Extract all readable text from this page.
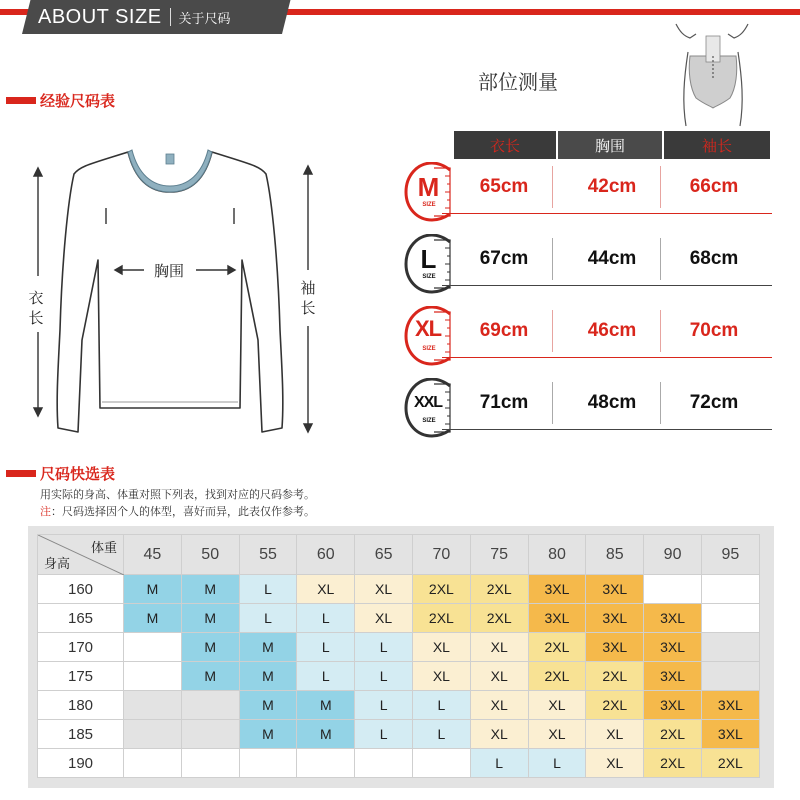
ABOUT SIZE 关于尺码
经验尺码表
胸围
衣长
袖长
部位测量
衣长	胸围	袖长
M
SIZE
65cm	42cm	66cm
L
SIZE
67cm	44cm	68cm
XL
SIZE
69cm	46cm	70cm
XXL
SIZE
71cm	48cm	72cm
尺码快选表
用实际的身高、体重对照下列表，找到对应的尺码参考。
注：尺码选择因个人的体型，喜好而异，此表仅作参考。
体重
身高	45	50	55	60	65	70	75	80	85	90	95
160	M	M	L	XL	XL	2XL	2XL	3XL	3XL		
165	M	M	L	L	XL	2XL	2XL	3XL	3XL	3XL	
170		M	M	L	L	XL	XL	2XL	3XL	3XL	
175		M	M	L	L	XL	XL	2XL	2XL	3XL	
180			M	M	L	L	XL	XL	2XL	3XL	3XL
185			M	M	L	L	XL	XL	XL	2XL	3XL
190							L	L	XL	2XL	2XL
